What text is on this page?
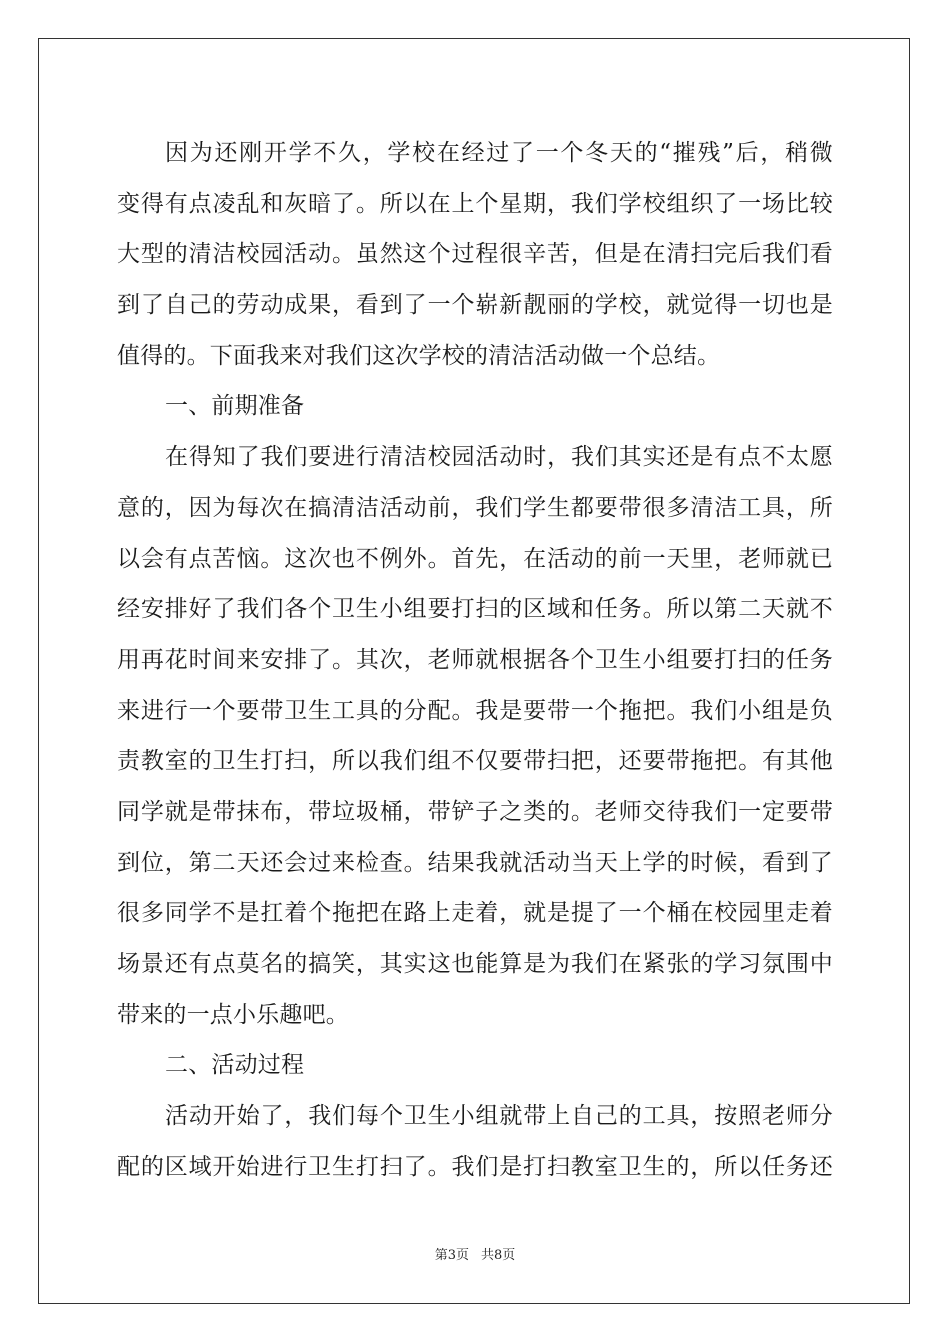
因为还刚开学不久，学校在经过了一个冬天的“摧残”后，稍微
变得有点凌乱和灰暗了。所以在上个星期，我们学校组织了一场比较
大型的清洁校园活动。虽然这个过程很辛苦，但是在清扫完后我们看
到了自己的劳动成果，看到了一个崭新靓丽的学校，就觉得一切也是
值得的。下面我来对我们这次学校的清洁活动做一个总结。
一、前期准备
在得知了我们要进行清洁校园活动时，我们其实还是有点不太愿
意的，因为每次在搞清洁活动前，我们学生都要带很多清洁工具，所
以会有点苦恼。这次也不例外。首先，在活动的前一天里，老师就已
经安排好了我们各个卫生小组要打扫的区域和任务。所以第二天就不
用再花时间来安排了。其次，老师就根据各个卫生小组要打扫的任务
来进行一个要带卫生工具的分配。我是要带一个拖把。我们小组是负
责教室的卫生打扫，所以我们组不仅要带扫把，还要带拖把。有其他
同学就是带抹布，带垃圾桶，带铲子之类的。老师交待我们一定要带
到位，第二天还会过来检查。结果我就活动当天上学的时候，看到了
很多同学不是扛着个拖把在路上走着，就是提了一个桶在校园里走着
场景还有点莫名的搞笑，其实这也能算是为我们在紧张的学习氛围中
带来的一点小乐趣吧。
二、活动过程
活动开始了，我们每个卫生小组就带上自己的工具，按照老师分
配的区域开始进行卫生打扫了。我们是打扫教室卫生的，所以任务还
第3页 共8页
